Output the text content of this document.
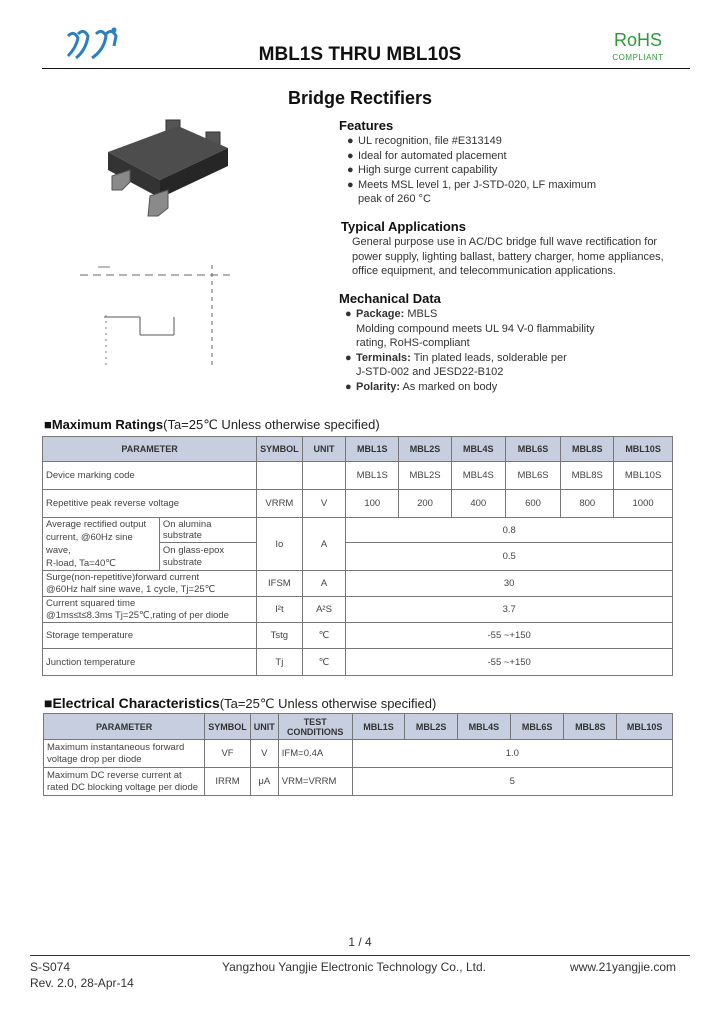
MBL1S THRU MBL10S
RoHS
COMPLIANT
Bridge Rectifiers
Features
● UL recognition, file #E313149
● Ideal for automated placement
● High surge current capability
● Meets MSL level 1, per J-STD-020, LF maximum
peak of 260 °C
Typical Applications
General purpose use in AC/DC bridge full wave rectification for
power supply, lighting ballast, battery charger, home appliances,
office equipment, and telecommunication applications.
Mechanical Data
● Package: MBLS
Molding compound meets UL 94 V-0 flammability
rating, RoHS-compliant
● Terminals: Tin plated leads, solderable per
J-STD-002 and JESD22-B102
● Polarity: As marked on body
■Maximum Ratings(Ta=25℃ Unless otherwise specified)
PARAMETER		SYMBOL	UNIT	MBL1S	MBL2S	MBL4S	MBL6S	MBL8S	MBL10S
Device marking code				MBL1S	MBL2S	MBL4S	MBL6S	MBL8S	MBL10S
Repetitive peak reverse voltage		VRRM	V	100	200	400	600	800	1000

Average rectified output
current, @60Hz sine wave,
R-load, Ta=40℃	On alumina substrate	Io	A	0.8					

	On glass-epox
substrate			0.5					

Surge(non-repetitive)forward current
@60Hz half sine wave, 1 cycle, Tj=25℃		IFSM	A	30					

Current squared time
@1ms≤t≤8.3ms Tj=25℃,rating of per diode		I²t	A²S	3.7					
Storage temperature		Tstg	℃	-55 ~+150					
Junction temperature		Tj	℃	-55 ~+150					
■Electrical Characteristics(Ta=25℃ Unless otherwise specified)
PARAMETER	SYMBOL	UNIT	TEST CONDITIONS	MBL1S	MBL2S	MBL4S	MBL6S	MBL8S	MBL10S

Maximum instantaneous forward
voltage drop per diode	VF	V	IFM=0.4A	1.0					

Maximum DC reverse current at
rated DC blocking voltage per diode	IRRM	μA	VRM=VRRM	5					
1 / 4
S-S074
Rev. 2.0, 28-Apr-14
Yangzhou Yangjie Electronic Technology Co., Ltd.	www.21yangjie.com
